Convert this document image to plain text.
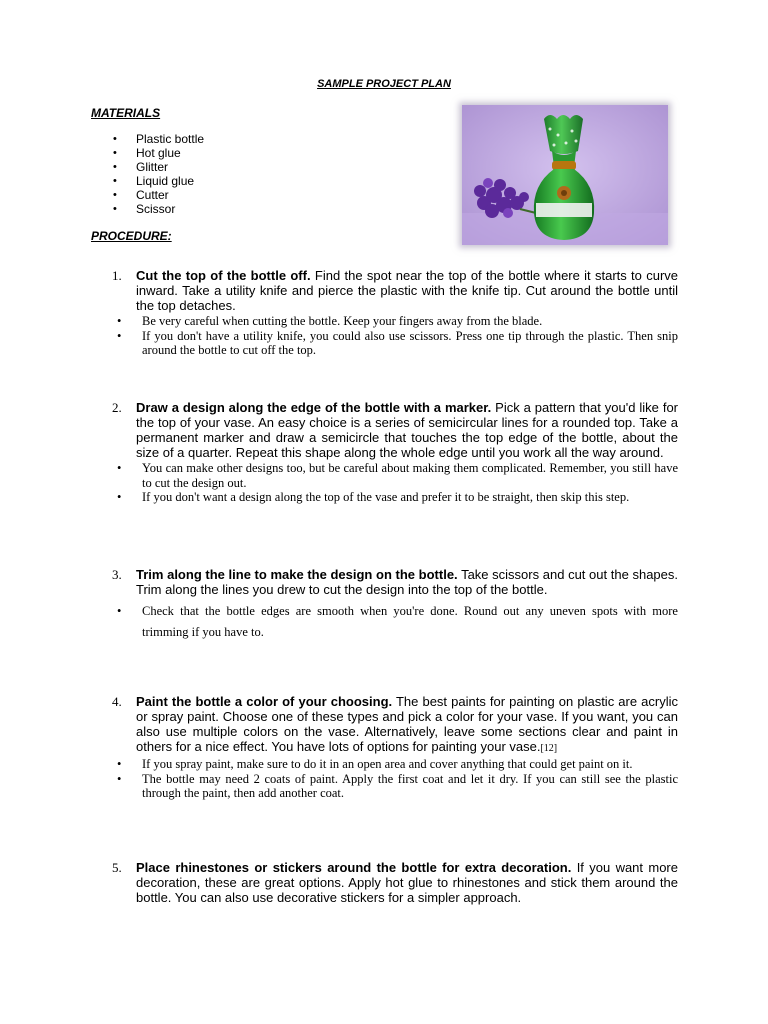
SAMPLE PROJECT PLAN
MATERIALS
• Plastic bottle
• Hot glue
• Glitter
• Liquid glue
• Cutter
• Scissor
PROCEDURE:
1. Cut the top of the bottle off. Find the spot near the top of the bottle where it starts to curve inward. Take a utility knife and pierce the plastic with the knife tip. Cut around the bottle until the top detaches.
• Be very careful when cutting the bottle. Keep your fingers away from the blade.
• If you don't have a utility knife, you could also use scissors. Press one tip through the plastic. Then snip around the bottle to cut off the top.
2. Draw a design along the edge of the bottle with a marker. Pick a pattern that you'd like for the top of your vase. An easy choice is a series of semicircular lines for a rounded top. Take a permanent marker and draw a semicircle that touches the top edge of the bottle, about the size of a quarter. Repeat this shape along the whole edge until you work all the way around.
• You can make other designs too, but be careful about making them complicated. Remember, you still have to cut the design out.
• If you don't want a design along the top of the vase and prefer it to be straight, then skip this step.
3. Trim along the line to make the design on the bottle. Take scissors and cut out the shapes. Trim along the lines you drew to cut the design into the top of the bottle.
• Check that the bottle edges are smooth when you're done. Round out any uneven spots with more trimming if you have to.
4. Paint the bottle a color of your choosing. The best paints for painting on plastic are acrylic or spray paint. Choose one of these types and pick a color for your vase. If you want, you can also use multiple colors on the vase. Alternatively, leave some sections clear and paint in others for a nice effect. You have lots of options for painting your vase.[12]
• If you spray paint, make sure to do it in an open area and cover anything that could get paint on it.
• The bottle may need 2 coats of paint. Apply the first coat and let it dry. If you can still see the plastic through the paint, then add another coat.
5. Place rhinestones or stickers around the bottle for extra decoration. If you want more decoration, these are great options. Apply hot glue to rhinestones and stick them around the bottle. You can also use decorative stickers for a simpler approach.
